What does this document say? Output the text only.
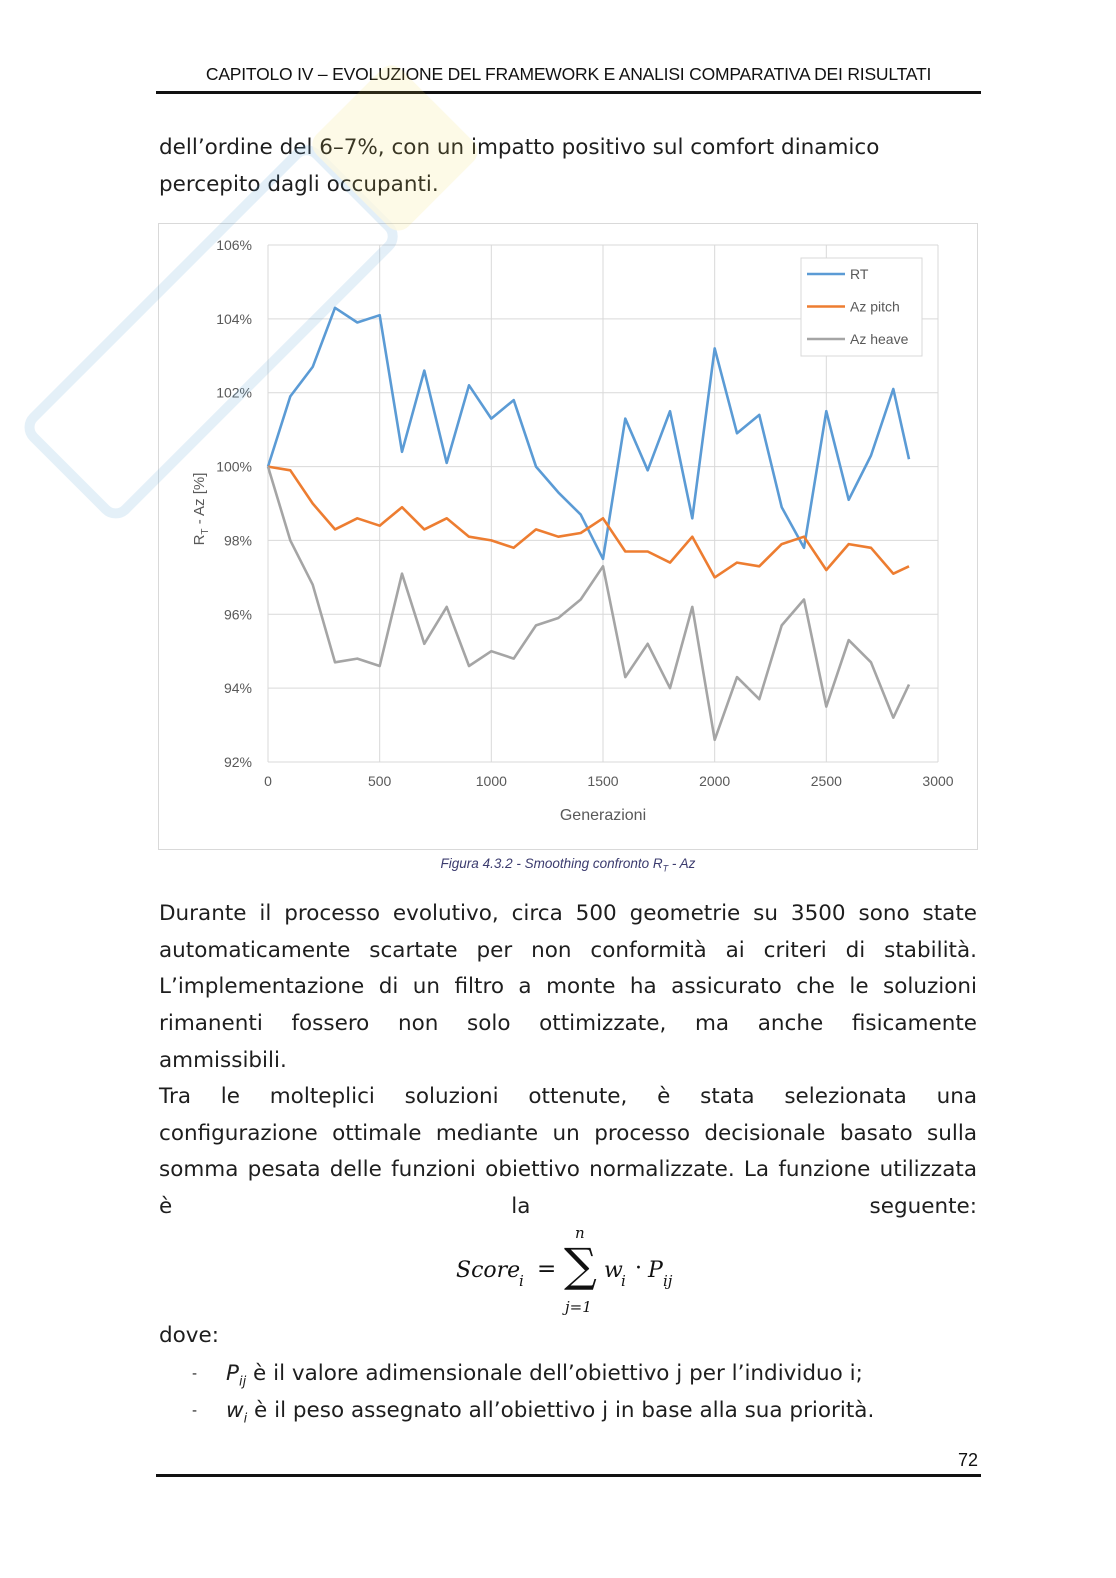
CAPITOLO IV – EVOLUZIONE DEL FRAMEWORK E ANALISI COMPARATIVA DEI RISULTATI
dell’ordine del 6–7%, con un impatto positivo sul comfort dinamico
percepito dagli occupanti.
92%
94%
96%
98%
100%
102%
104%
106%
0	500	1000	1500	2000	2500	3000
RT
Az pitch
Az heave
Generazioni
$R_T$ - Az [%]
Figura 4.3.2 - Smoothing confronto $R_T$ - Az
Durante il processo evolutivo, circa 500 geometrie su 3500 sono state
automaticamente scartate per non conformità ai criteri di stabilità.
L’implementazione di un filtro a monte ha assicurato che le soluzioni
rimanenti fossero non solo ottimizzate, ma anche fisicamente
ammissibili.
Tra le molteplici soluzioni ottenute, è stata selezionata una
configurazione ottimale mediante un processo decisionale basato sulla
somma pesata delle funzioni obiettivo normalizzate. La funzione utilizzata
è la seguente:
Score
i =
n
∑
j=1
w
i · P ij
dove:
- $P_{ij}$ è il valore adimensionale dell’obiettivo j per l’individuo i;
- $w_i$ è il peso assegnato all’obiettivo j in base alla sua priorità.
72
